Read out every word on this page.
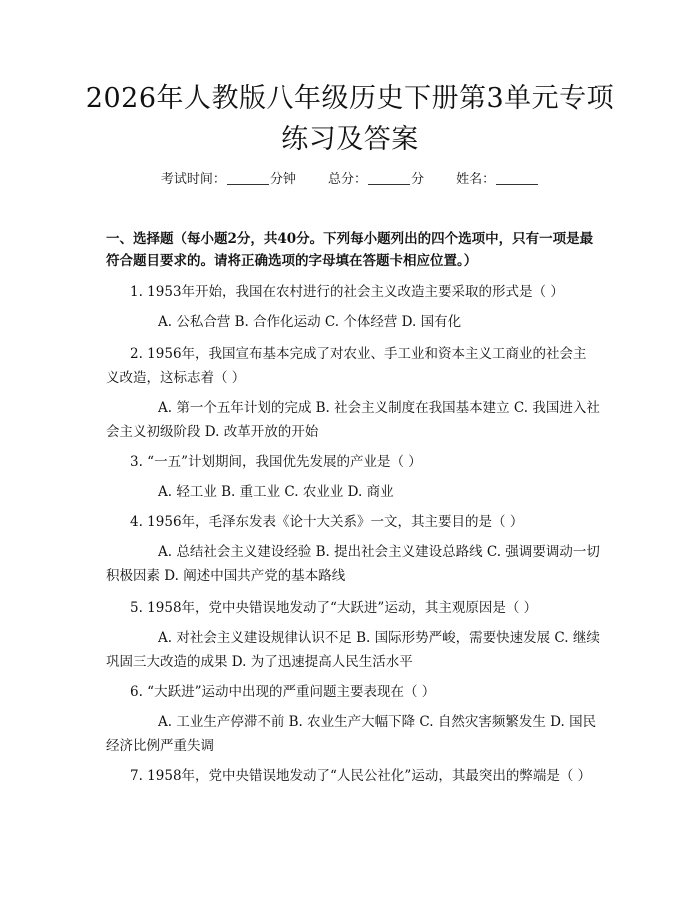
2026年人教版八年级历史下册第3单元专项
练习及答案
考试时间：	分钟 总分：	分 姓名：
一、选择题（每小题2分，共40分。下列每小题列出的四个选项中，只有一项是最符合题目要求的。请将正确选项的字母填在答题卡相应位置。）
1. 1953年开始，我国在农村进行的社会主义改造主要采取的形式是（ ）
A. 公私合营 B. 合作化运动 C. 个体经营 D. 国有化
2. 1956年，我国宣布基本完成了对农业、手工业和资本主义工商业的社会主义改造，这标志着（ ）
A. 第一个五年计划的完成 B. 社会主义制度在我国基本建立 C. 我国进入社会主义初级阶段 D. 改革开放的开始
3. “一五”计划期间，我国优先发展的产业是（ ）
A. 轻工业 B. 重工业 C. 农业业 D. 商业
4. 1956年，毛泽东发表《论十大关系》一文，其主要目的是（ ）
A. 总结社会主义建设经验 B. 提出社会主义建设总路线 C. 强调要调动一切积极因素 D. 阐述中国共产党的基本路线
5. 1958年，党中央错误地发动了“大跃进”运动，其主观原因是（ ）
A. 对社会主义建设规律认识不足 B. 国际形势严峻，需要快速发展 C. 继续巩固三大改造的成果 D. 为了迅速提高人民生活水平
6. “大跃进”运动中出现的严重问题主要表现在（ ）
A. 工业生产停滞不前 B. 农业生产大幅下降 C. 自然灾害频繁发生 D. 国民经济比例严重失调
7. 1958年，党中央错误地发动了“人民公社化”运动，其最突出的弊端是（ ）
